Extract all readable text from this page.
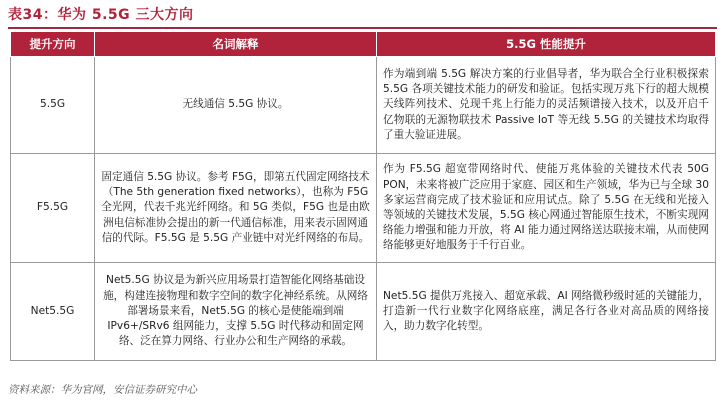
表34：华为 5.5G 三大方向
提升方向	名词解释	5.5G 性能提升
5.5G	无线通信 5.5G 协议。	作为端到端 5.5G 解决方案的行业倡导者，华为联合全行业积极探索 5.5G 各项关键技术能力的研发和验证。包括实现万兆下行的超大规模天线阵列技术、兑现千兆上行能力的灵活频谱接入技术，以及开启千亿物联的无源物联技术 Passive IoT 等无线 5.5G 的关键技术均取得了重大验证进展。
F5.5G	固定通信 5.5G 协议。参考 F5G，即第五代固定网络技术（The 5th generation fixed networks），也称为 F5G 全光网，代表千兆光纤网络。和 5G 类似，F5G 也是由欧洲电信标准协会提出的新一代通信标准，用来表示固网通信的代际。F5.5G 是 5.5G 产业链中对光纤网络的布局。	作为 F5.5G 超宽带网络时代、使能万兆体验的关键技术代表 50G PON，未来将被广泛应用于家庭、园区和生产领域，华为已与全球 30 多家运营商完成了技术验证和应用试点。除了 5.5G 在无线和光接入等领域的关键技术发展，5.5G 核心网通过智能原生技术，不断实现网络能力增强和能力开放，将 AI 能力通过网络送达联接末端，从而使网络能够更好地服务于千行百业。
Net5.5G	Net5.5G 协议是为新兴应用场景打造智能化网络基础设施，构建连接物理和数字空间的数字化神经系统。从网络部署场景来看，Net5.5G 的核心是使能端到端 IPv6+/SRv6 组网能力，支撑 5.5G 时代移动和固定网络、泛在算力网络、行业办公和生产网络的承载。	Net5.5G 提供万兆接入、超宽承载、AI 网络微秒级时延的关键能力，打造新一代行业数字化网络底座，满足各行各业对高品质的网络接入，助力数字化转型。
资料来源：华为官网，安信证券研究中心
